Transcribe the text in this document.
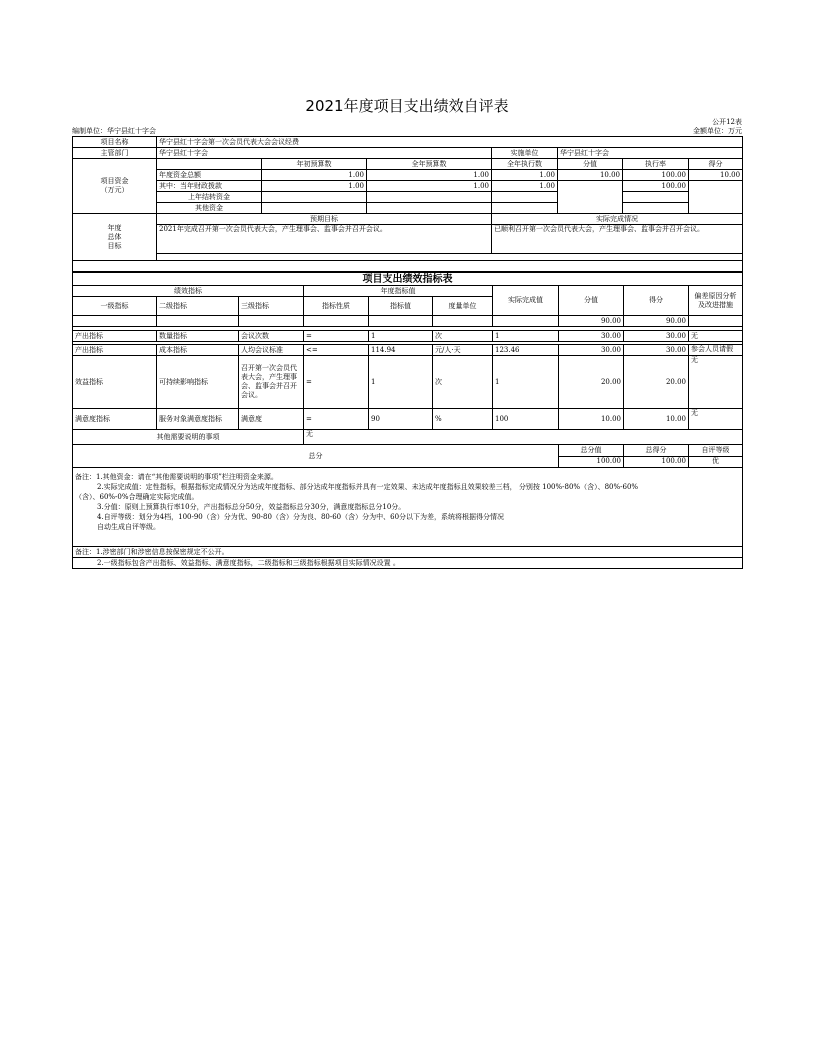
2021年度项目支出绩效自评表
编制单位：华宁县红十字会
公开12表
金额单位：万元
项目名称	华宁县红十字会第一次会员代表大会会议经费						
主管部门	华宁县红十字会			实施单位	华宁县红十字会		
项目资金
（万元）		年初预算数	全年预算数	全年执行数	分值	执行率	得分
	年度资金总额	1.00	1.00	1.00	10.00	100.00	10.00
	其中：当年财政拨款	1.00	1.00	1.00		100.00	
	上年结转资金						
	其他资金						
年度
总体
目标	预期目标			实际完成情况			
	2021年完成召开第一次会员代表大会，产生理事会、监事会并召开会议。			已顺利召开第一次会员代表大会，产生理事会、监事会并召开会议。			

项目支出绩效指标表									
绩效指标			年度指标值			实际完成值	分值	得分	偏差原因分析
及改进措施
一级指标	二级指标	三级指标	指标性质	指标值	度量单位				
							90.00	90.00	

产出指标	数量指标	会议次数	=	1	次	1	30.00	30.00	无

产出指标	成本指标	人均会议标准	<=	114.94	元/人·天	123.46	30.00	30.00	参会人员请假
效益指标	可持续影响指标	召开第一次会员代表大会，产生理事会、监事会并召开会议。	=	1	次	1	20.00	20.00	无
满意度指标	服务对象满意度指标	满意度	=	90	%	100	10.00	10.00	无
其他需要说明的事项			无						
总分							总分值	总得分	自评等级
							100.00	100.00	优

备注：1.其他资金：请在“其他需要说明的事项”栏注明资金来源。
2.实际完成值：定性指标，根据指标完成情况分为达成年度指标、部分达成年度指标并具有一定效果、未达成年度指标且效果较差三档， 分别按 100%-80%（含）、80%-60%
（含）、60%-0%合理确定实际完成值。
3.分值：原则上预算执行率10分，产出指标总分50分，效益指标总分30分，满意度指标总分10分。
4.自评等级：划分为4档，100-90（含）分为优、90-80（含）分为良、80-60（含）分为中、60分以下为差，系统将根据得分情况
自动生成自评等级。

备注：1.涉密部门和涉密信息按保密规定不公开。
2.一级指标包含产出指标、效益指标、满意度指标，二级指标和三级指标根据项目实际情况设置 。
